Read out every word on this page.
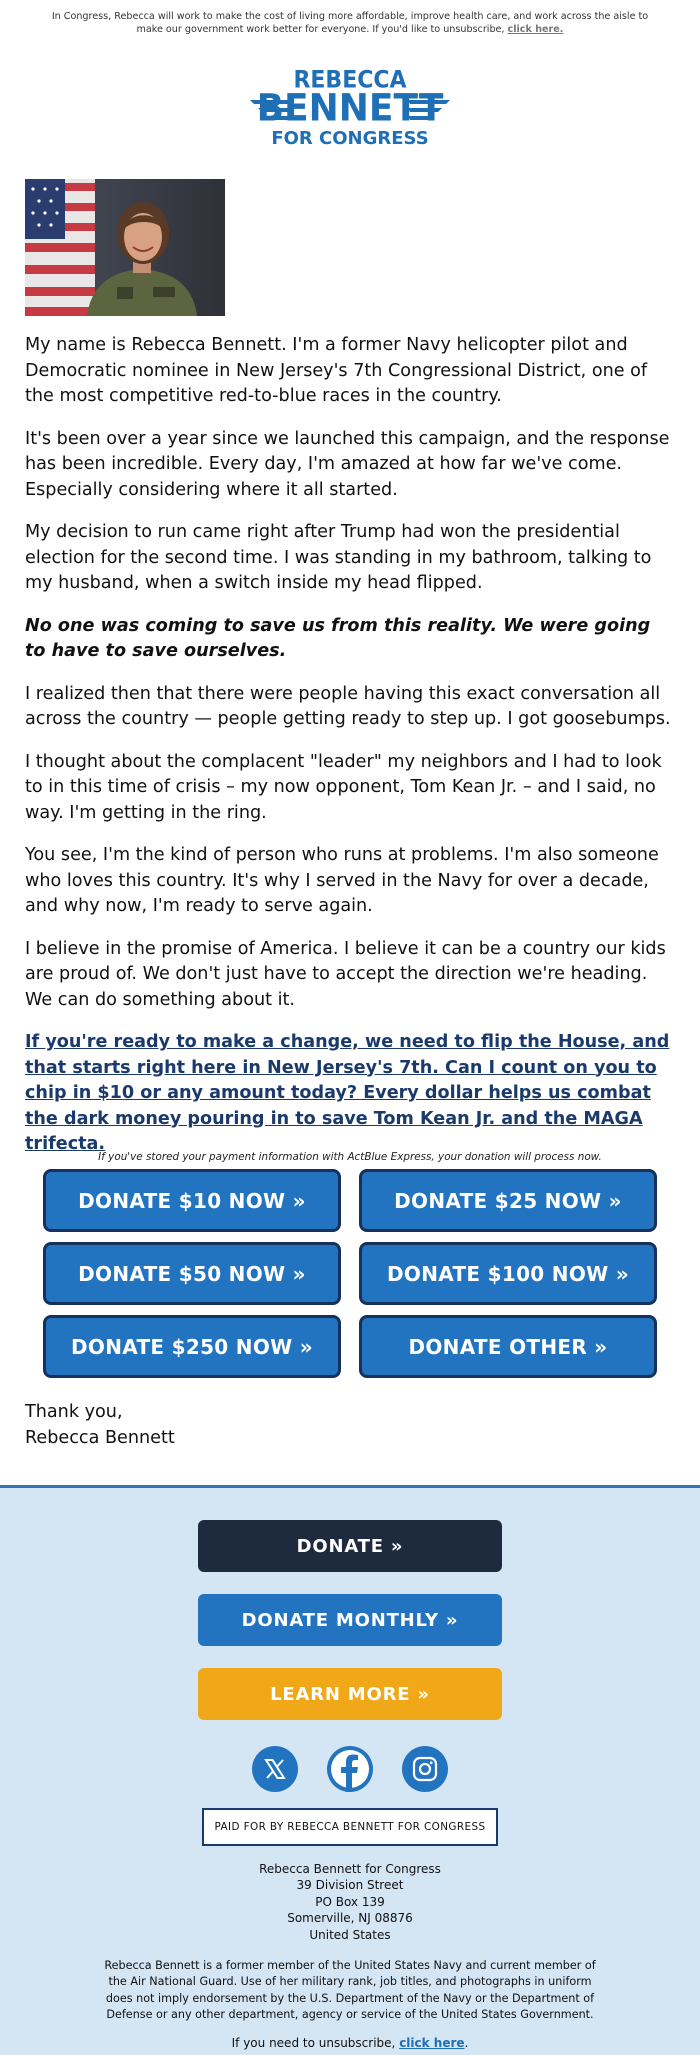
In Congress, Rebecca will work to make the cost of living more affordable, improve health care, and work across the aisle to make our government work better for everyone. If you'd like to unsubscribe, click here.
REBECCA
BENNETT
FOR CONGRESS

My name is Rebecca Bennett. I'm a former Navy helicopter pilot and Democratic nominee in New Jersey's 7th Congressional District, one of the most competitive red-to-blue races in the country.

It's been over a year since we launched this campaign, and the response has been incredible. Every day, I'm amazed at how far we've come. Especially considering where it all started.

My decision to run came right after Trump had won the presidential election for the second time. I was standing in my bathroom, talking to my husband, when a switch inside my head flipped.

No one was coming to save us from this reality. We were going to have to save ourselves.

I realized then that there were people having this exact conversation all across the country — people getting ready to step up. I got goosebumps.

I thought about the complacent "leader" my neighbors and I had to look to in this time of crisis – my now opponent, Tom Kean Jr. – and I said, no way. I'm getting in the ring.

You see, I'm the kind of person who runs at problems. I'm also someone who loves this country. It's why I served in the Navy for over a decade, and why now, I'm ready to serve again.

I believe in the promise of America. I believe it can be a country our kids are proud of. We don't just have to accept the direction we're heading. We can do something about it.

If you're ready to make a change, we need to flip the House, and that starts right here in New Jersey's 7th. Can I count on you to chip in $10 or any amount today? Every dollar helps us combat the dark money pouring in to save Tom Kean Jr. and the MAGA trifecta.

If you've stored your payment information with ActBlue Express, your donation will process now.
DONATE $10 NOW »	DONATE $25 NOW »
DONATE $50 NOW »	DONATE $100 NOW »
DONATE $250 NOW »	DONATE OTHER »
Thank you,
Rebecca Bennett
DONATE »
DONATE MONTHLY »
LEARN MORE »
PAID FOR BY REBECCA BENNETT FOR CONGRESS
Rebecca Bennett for Congress
39 Division Street
PO Box 139
Somerville, NJ 08876
United States
Rebecca Bennett is a former member of the United States Navy and current member of the Air National Guard. Use of her military rank, job titles, and photographs in uniform does not imply endorsement by the U.S. Department of the Navy or the Department of Defense or any other department, agency or service of the United States Government.
If you need to unsubscribe, click here.
